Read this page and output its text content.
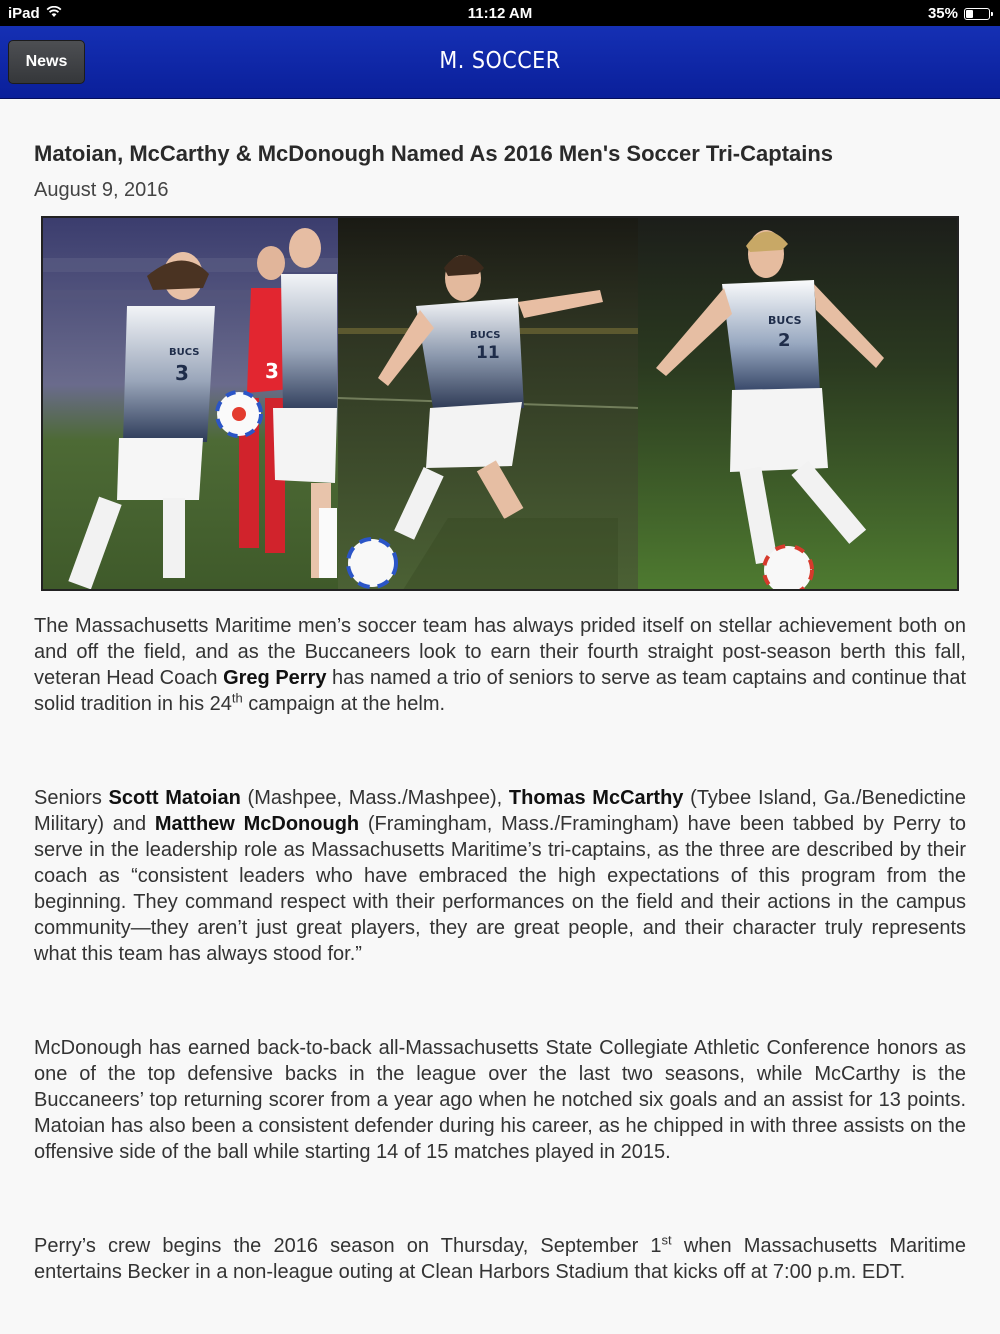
iPad	11:12 AM	35%
News	M. SOCCER
Matoian, McCarthy & McDonough Named As 2016 Men's Soccer Tri-Captains
August 9, 2016
3
BUCS
3
BUCS
11
BUCS
2

The Massachusetts Maritime men’s soccer team has always prided itself on stellar achievement both on and off the field, and as the Buccaneers look to earn their fourth straight post-season berth this fall, veteran Head Coach Greg Perry has named a trio of seniors to serve as team captains and continue that solid tradition in his 24th campaign at the helm.

Seniors Scott Matoian (Mashpee, Mass./Mashpee), Thomas McCarthy (Tybee Island, Ga./Benedictine Military) and Matthew McDonough (Framingham, Mass./Framingham) have been tabbed by Perry to serve in the leadership role as Massachusetts Maritime’s tri-captains, as the three are described by their coach as “consistent leaders who have embraced the high expectations of this program from the beginning. They command respect with their performances on the field and their actions in the campus community—they aren’t just great players, they are great people, and their character truly represents what this team has always stood for.”

McDonough has earned back-to-back all-Massachusetts State Collegiate Athletic Conference honors as one of the top defensive backs in the league over the last two seasons, while McCarthy is the Buccaneers’ top returning scorer from a year ago when he notched six goals and an assist for 13 points. Matoian has also been a consistent defender during his career, as he chipped in with three assists on the offensive side of the ball while starting 14 of 15 matches played in 2015.

Perry’s crew begins the 2016 season on Thursday, September 1st when Massachusetts Maritime entertains Becker in a non-league outing at Clean Harbors Stadium that kicks off at 7:00 p.m. EDT.
